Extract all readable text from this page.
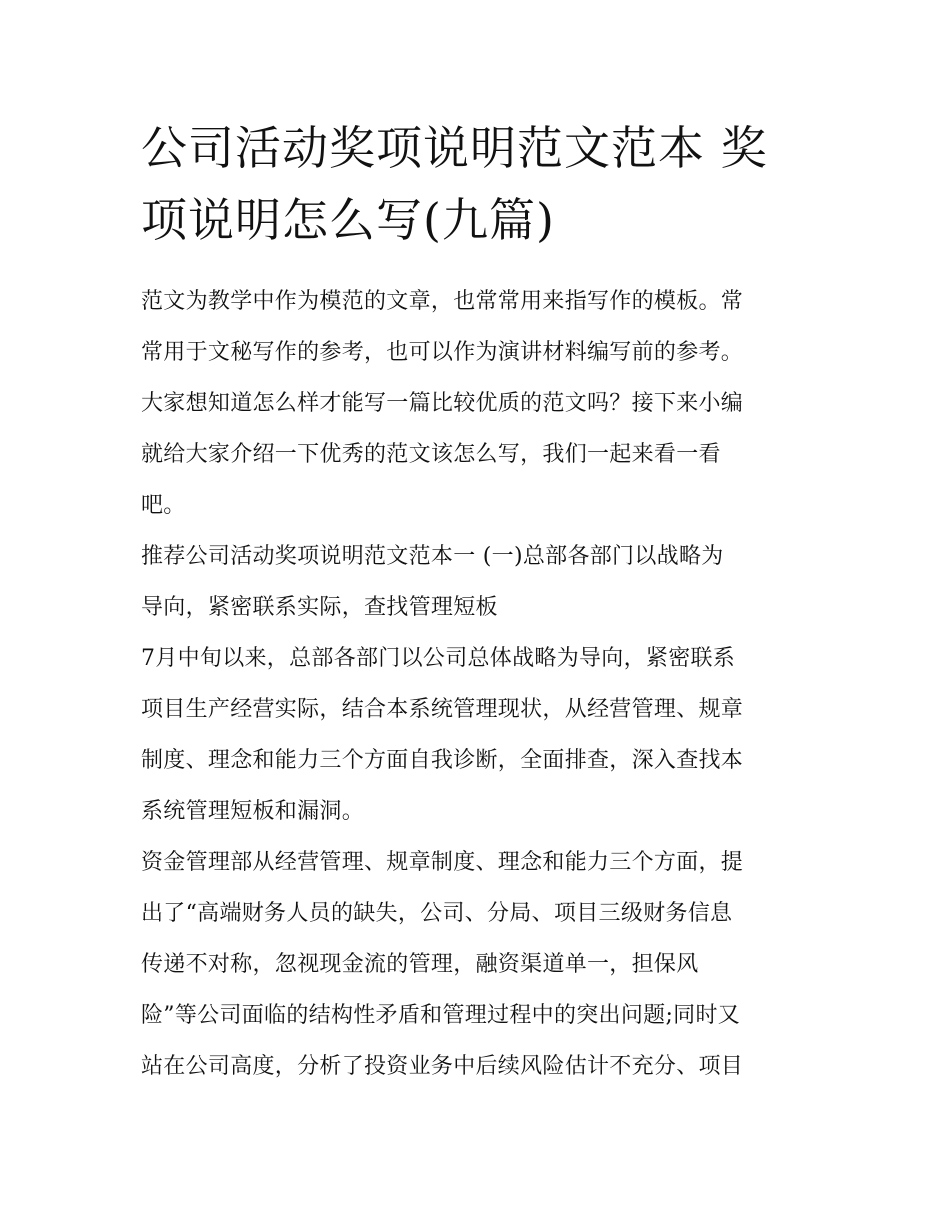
公司活动奖项说明范文范本 奖
项说明怎么写(九篇)

范文为教学中作为模范的文章，也常常用来指写作的模板。常
常用于文秘写作的参考，也可以作为演讲材料编写前的参考。
大家想知道怎么样才能写一篇比较优质的范文吗？接下来小编
就给大家介绍一下优秀的范文该怎么写，我们一起来看一看
吧。

推荐公司活动奖项说明范文范本一 (一)总部各部门以战略为
导向，紧密联系实际，查找管理短板

7月中旬以来，总部各部门以公司总体战略为导向，紧密联系
项目生产经营实际，结合本系统管理现状，从经营管理、规章
制度、理念和能力三个方面自我诊断，全面排查，深入查找本
系统管理短板和漏洞。

资金管理部从经营管理、规章制度、理念和能力三个方面，提
出了“高端财务人员的缺失，公司、分局、项目三级财务信息
传递不对称，忽视现金流的管理，融资渠道单一，担保风
险”等公司面临的结构性矛盾和管理过程中的突出问题;同时又
站在公司高度，分析了投资业务中后续风险估计不充分、项目
